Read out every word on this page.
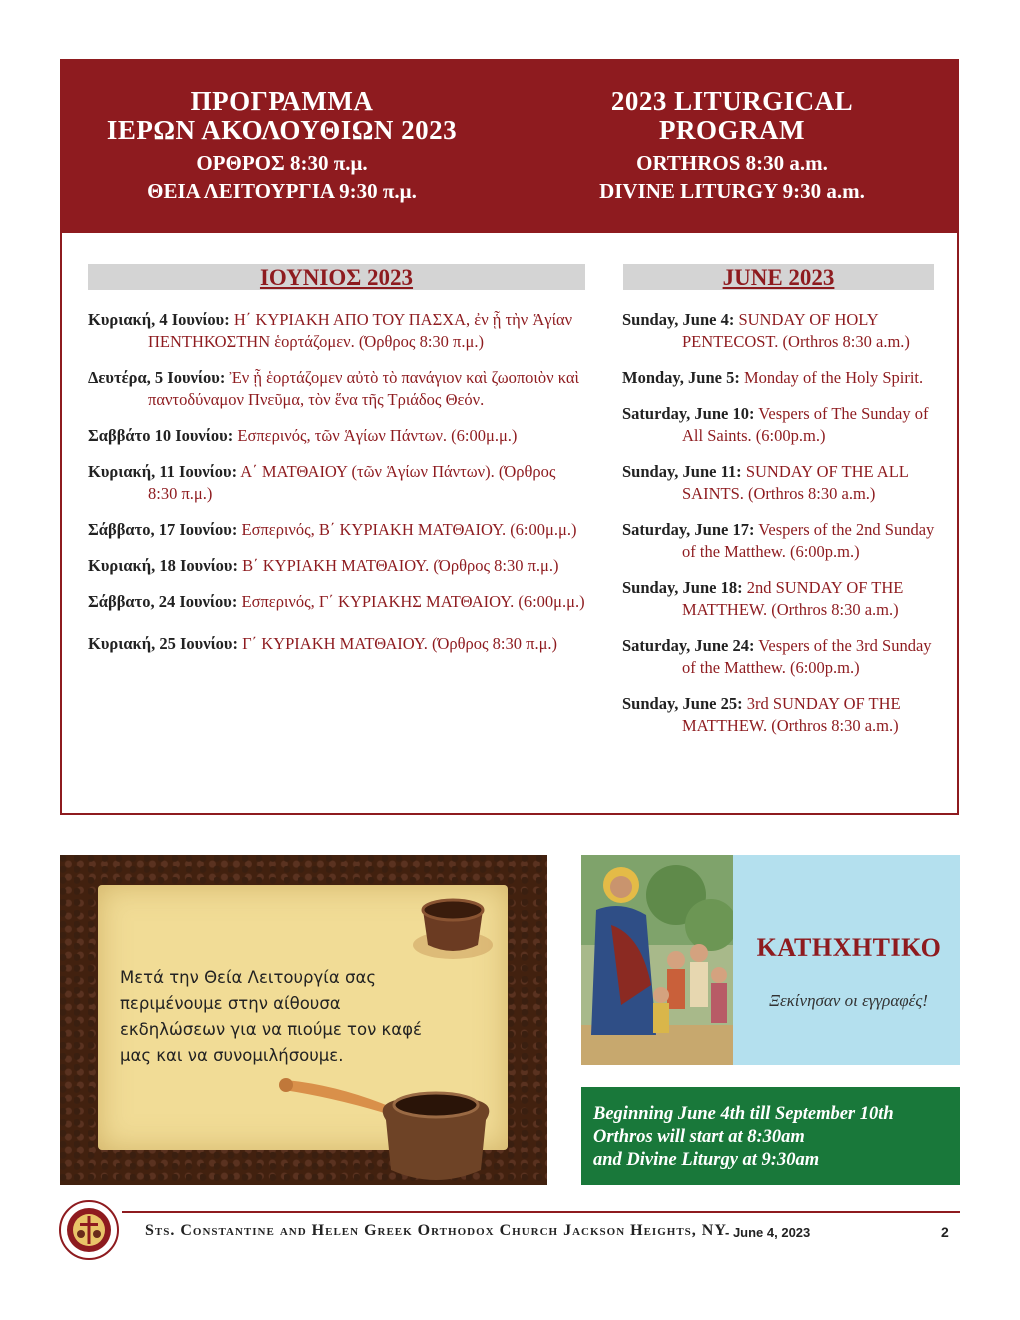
ΠΡΟΓΡΑΜΜΑ
ΙΕΡΩΝ ΑΚΟΛΟΥΘΙΩΝ 2023
ΟΡΘΡΟΣ 8:30 π.μ.
ΘΕΙΑ ΛΕΙΤΟΥΡΓΙΑ 9:30 π.μ.
2023 LITURGICAL
PROGRAM
ORTHROS 8:30 a.m.
DIVINE LITURGY 9:30 a.m.
ΙΟΥΝΙΟΣ 2023	JUNE 2023
Κυριακή, 4 Ιουνίου: Η΄ ΚΥΡΙΑΚΗ ΑΠΟ ΤΟΥ ΠΑΣΧΑ, ἐν ᾗ τὴν Ἁγίαν ΠΕΝΤΗΚΟΣΤΗΝ ἑορτάζομεν. (Όρθρος 8:30 π.μ.)
Δευτέρα, 5 Ιουνίου: Ἐν ᾗ ἑορτάζομεν αὐτὸ τὸ πανάγιον καὶ ζωοποιὸν καὶ παντοδύναμον Πνεῦμα, τὸν ἕνα τῆς Τριάδος Θεόν.
Σαββάτο 10 Ιουνίου: Εσπερινός, τῶν Ἁγίων Πάντων. (6:00μ.μ.)
Κυριακή, 11 Ιουνίου: Α΄ ΜΑΤΘΑΙΟΥ (τῶν Ἁγίων Πάντων). (Όρθρος 8:30 π.μ.)
Σάββατο, 17 Ιουνίου: Εσπερινός, Β΄ ΚΥΡΙΑΚΗ ΜΑΤΘΑΙΟΥ. (6:00μ.μ.)
Κυριακή, 18 Ιουνίου: Β΄ ΚΥΡΙΑΚΗ ΜΑΤΘΑΙΟΥ. (Όρθρος 8:30 π.μ.)
Σάββατο, 24 Ιουνίου: Εσπερινός, Γ΄ ΚΥΡΙΑΚΗΣ ΜΑΤΘΑΙΟΥ. (6:00μ.μ.)
Κυριακή, 25 Ιουνίου: Γ΄ ΚΥΡΙΑΚΗ ΜΑΤΘΑΙΟΥ. (Όρθρος 8:30 π.μ.)
Sunday, June 4: SUNDAY OF HOLY PENTECOST. (Orthros 8:30 a.m.)
Monday, June 5: Monday of the Holy Spirit.
Saturday, June 10: Vespers of The Sunday of All Saints. (6:00p.m.)
Sunday, June 11: SUNDAY OF THE ALL SAINTS. (Orthros 8:30 a.m.)
Saturday, June 17: Vespers of the 2nd Sunday of the Matthew. (6:00p.m.)
Sunday, June 18: 2nd SUNDAY OF THE MATTHEW. (Orthros 8:30 a.m.)
Saturday, June 24: Vespers of the 3rd Sunday of the Matthew. (6:00p.m.)
Sunday, June 25: 3rd SUNDAY OF THE MATTHEW. (Orthros 8:30 a.m.)
Μετά την Θεία Λειτουργία σας περιμένουμε στην αίθουσα εκδηλώσεων για να πιούμε τον καφέ μας και να συνομιλήσουμε.
ΚΑΤΗΧΗΤΙΚΟ
Ξεκίνησαν οι εγγραφές!
Beginning June 4th till September 10th
Orthros will start at 8:30am
and Divine Liturgy at 9:30am
Sts. Constantine and Helen Greek Orthodox Church Jackson Heights, NY
- June 4, 2023	2
